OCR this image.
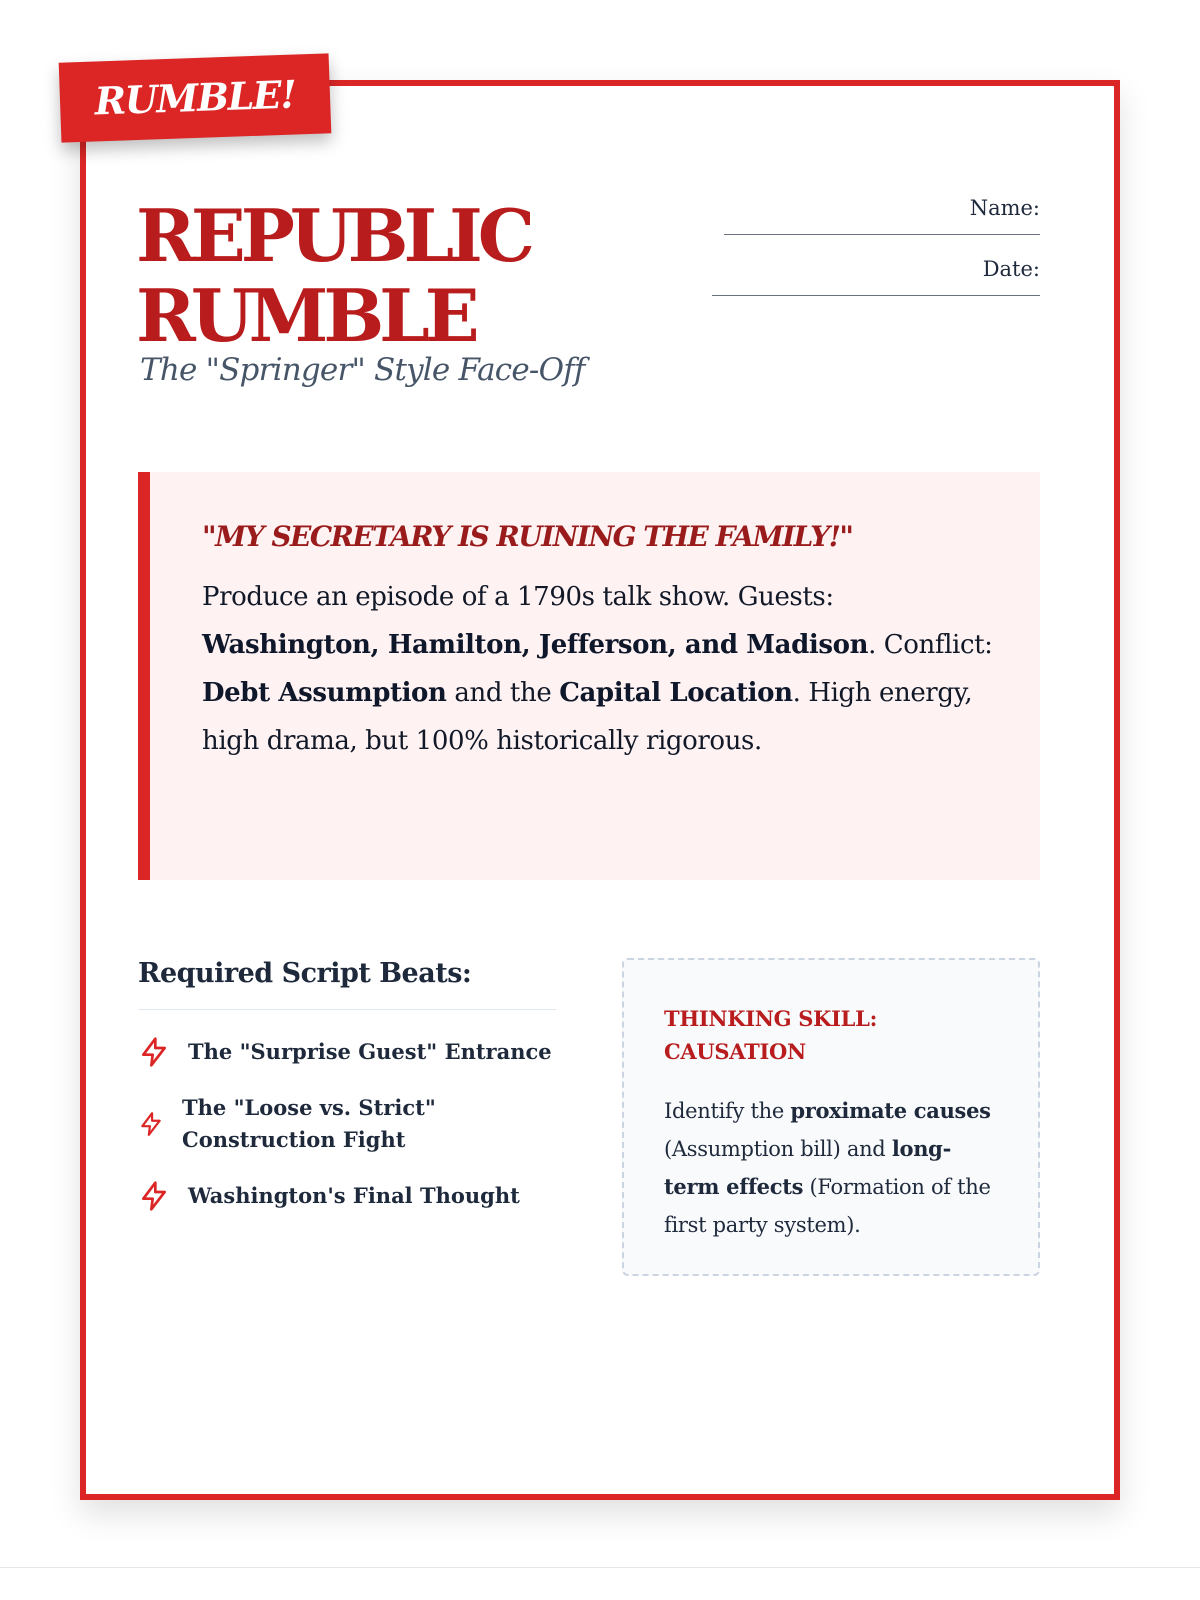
RUMBLE!
REPUBLIC
RUMBLE
The "Springer" Style Face-Off
Name:
Date:
"MY SECRETARY IS RUINING THE FAMILY!"

Produce an episode of a 1790s talk show. Guests: Washington, Hamilton, Jefferson, and Madison. Conflict: Debt Assumption and the Capital Location. High energy, high drama, but 100% historically rigorous.

Required Script Beats:
The "Surprise Guest" Entrance
The "Loose vs. Strict" Construction Fight
Washington's Final Thought
THINKING SKILL: CAUSATION

Identify the proximate causes (Assumption bill) and long-term effects (Formation of the first party system).
